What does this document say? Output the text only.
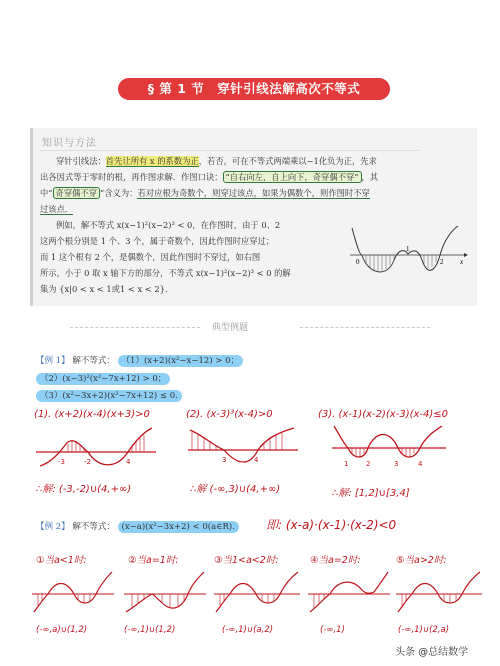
§ 第 1 节　穿针引线法解高次不等式
知识与方法
穿针引线法：首先让所有 x 的系数为正，若否，可在不等式两端乘以−1化负为正，先求
出各因式等于零时的根，再作图求解．作图口诀： “自右向左，自上向下，奇穿偶不穿” ，其
中“ 奇穿偶不穿 ”含义为：若对应根为奇数个，则穿过该点，如果为偶数个，则作图时不穿
过该点．
例如，解不等式 x(x−1)²(x−2)³ < 0，在作图时，由于 0、2
这两个根分别是 1 个、3 个，属于奇数个，因此作图时应穿过；
而 1 这个根有 2 个，是偶数个，因此作图时不穿过，如右图
所示，小于 0 取 x 轴下方的部分，不等式 x(x−1)²(x−2)³ < 0 的解
集为 {x|0 < x < 1或1 < x < 2}．
0
1
2 x
典型例题
【例 1】 解不等式： （1）(x+2)(x²−x−12) > 0；
（2）(x−3)²(x²−7x+12) > 0；
（3）(x²−3x+2)(x²−7x+12) ≤ 0.
(1). (x+2)(x-4)(x+3)>0	(2). (x-3)³(x-4)>0	(3). (x-1)(x-2)(x-3)(x-4)≤0
-3	-2	4	3	4	1	2	3	4
∴解: (-3,-2)∪(4,+∞)	∴解 (-∞,3)∪(4,+∞)	∴解: [1,2]∪[3,4]
【例 2】 解不等式： (x−a)(x²−3x+2) < 0(a∈R).	即: (x-a)·(x-1)·(x-2)<0
①当a<1时:	②当a=1时:	③当1<a<2时:	④当a=2时:	⑤当a>2时:
(-∞,a)∪(1,2)	(-∞,1)∪(1,2)	(-∞,1)∪(a,2)	(-∞,1)	(-∞,1)∪(2,a)
头条 @总结数学
